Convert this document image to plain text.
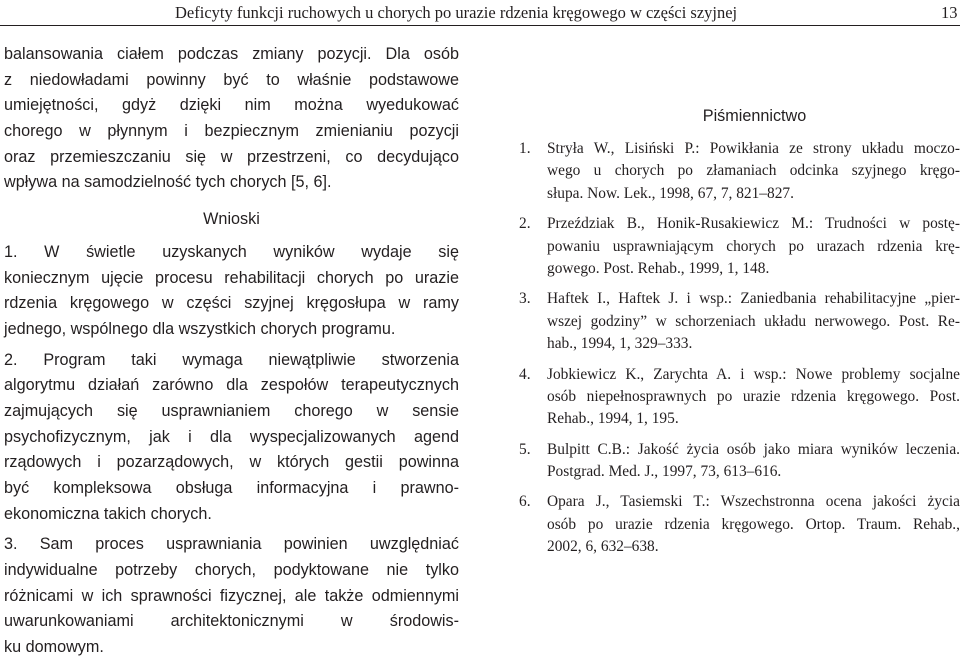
Deficyty funkcji ruchowych u chorych po urazie rdzenia kręgowego w części szyjnej	13
balansowania ciałem podczas zmiany pozycji. Dla osób
z niedowładami powinny być to właśnie podstawowe
umiejętności, gdyż dzięki nim można wyedukować
chorego w płynnym i bezpiecznym zmienianiu pozycji
oraz przemieszczaniu się w przestrzeni, co decydująco
wpływa na samodzielność tych chorych [5, 6].
Wnioski
1. W świetle uzyskanych wyników wydaje się
koniecznym ujęcie procesu rehabilitacji chorych po urazie
rdzenia kręgowego w części szyjnej kręgosłupa w ramy
jednego, wspólnego dla wszystkich chorych programu.
2. Program taki wymaga niewątpliwie stworzenia
algorytmu działań zarówno dla zespołów terapeutycznych
zajmujących się usprawnianiem chorego w sensie
psychofizycznym, jak i dla wyspecjalizowanych agend
rządowych i pozarządowych, w których gestii powinna
być kompleksowa obsługa informacyjna i prawno-
ekonomiczna takich chorych.
3. Sam proces usprawniania powinien uwzględniać
indywidualne potrzeby chorych, podyktowane nie tylko
różnicami w ich sprawności fizycznej, ale także odmiennymi
uwarunkowaniami architektonicznymi w środowis-
ku domowym.
Piśmiennictwo
1. Stryła W., Lisiński P.: Powikłania ze strony układu moczo-
wego u chorych po złamaniach odcinka szyjnego kręgo-
słupa. Now. Lek., 1998, 67, 7, 821–827.
2. Przeździak B., Honik-Rusakiewicz M.: Trudności w postę-
powaniu usprawniającym chorych po urazach rdzenia krę-
gowego. Post. Rehab., 1999, 1, 148.
3. Haftek I., Haftek J. i wsp.: Zaniedbania rehabilitacyjne „pier-
wszej godziny” w schorzeniach układu nerwowego. Post. Re-
hab., 1994, 1, 329–333.
4. Jobkiewicz K., Zarychta A. i wsp.: Nowe problemy socjalne
osób niepełnosprawnych po urazie rdzenia kręgowego. Post.
Rehab., 1994, 1, 195.
5. Bulpitt C.B.: Jakość życia osób jako miara wyników leczenia.
Postgrad. Med. J., 1997, 73, 613–616.
6. Opara J., Tasiemski T.: Wszechstronna ocena jakości życia
osób po urazie rdzenia kręgowego. Ortop. Traum. Rehab.,
2002, 6, 632–638.
